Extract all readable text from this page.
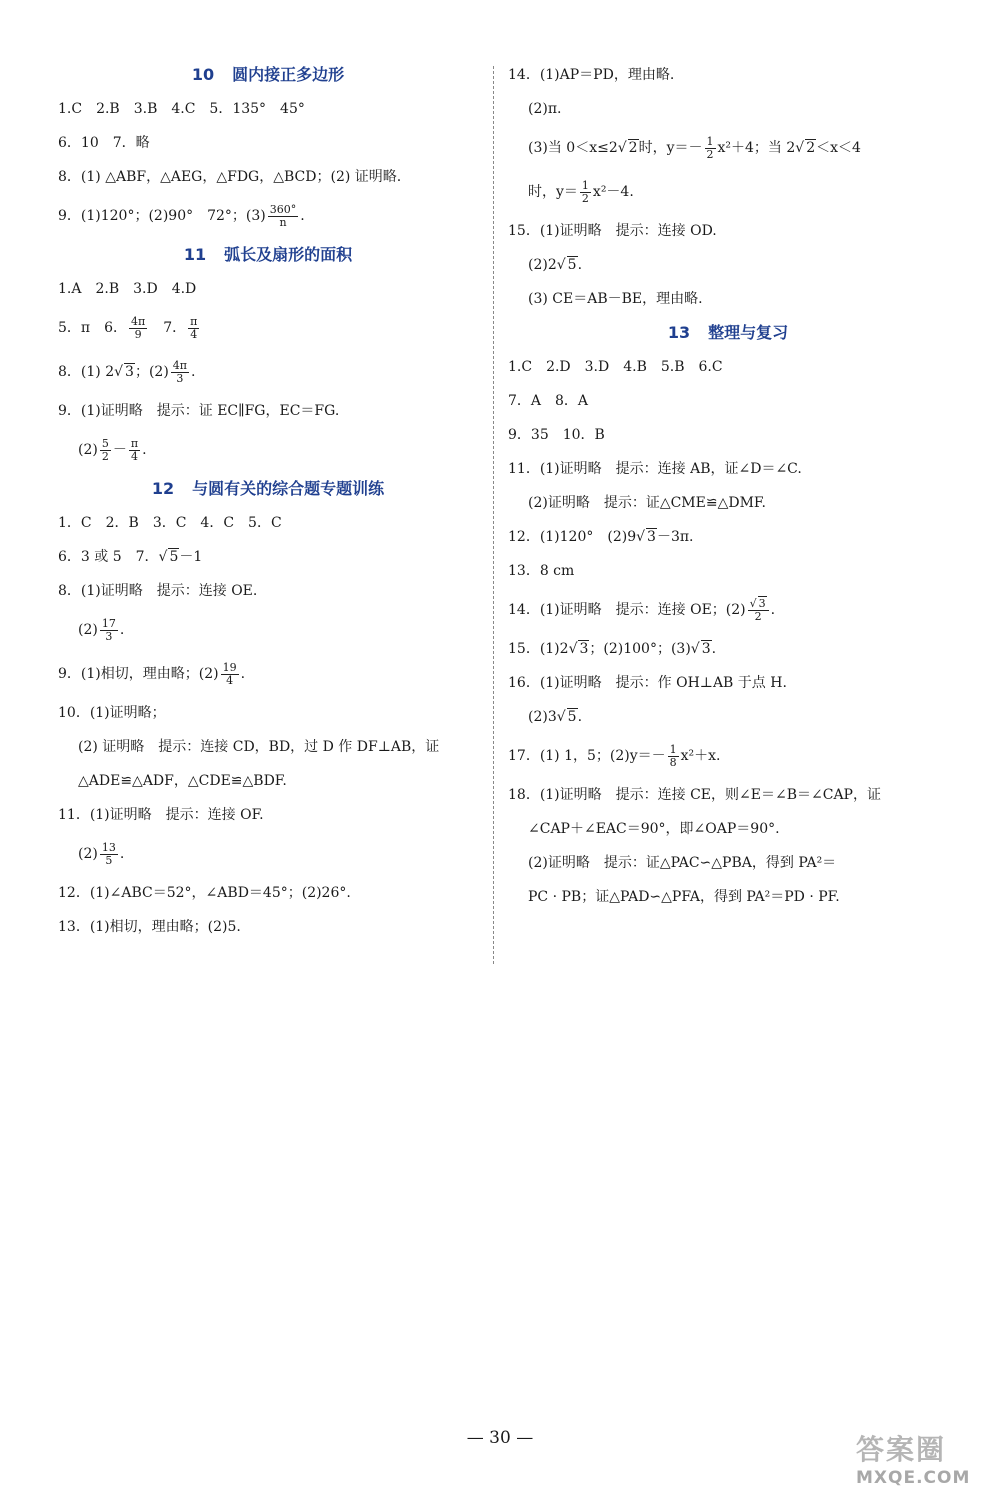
10 圆内接正多边形
1.C　2.B　3.B　4.C　5．135°　45°
6．10　7．略
8．(1) △ABF，△AEG，△FDG，△BCD；(2) 证明略.
9．(1)120°；(2)90°　72°；$(3) \frac{360^\circ}{n}$ .
11 弧长及扇形的面积
1.A　2.B　3.D　4.D
5．π　6． $\frac{4\pi}{9}$ 　7． $\frac{\pi}{4}$
8．(1) 2√ 3；$(2) \frac{4\pi}{3}$ .
9．(1)证明略　提示：证 EC∥FG，EC＝FG.
$(2) \frac{5}{2} - \frac{\pi}{4}$ .
12 与圆有关的综合题专题训练
1．C　2．B　3．C　4．C　5．C
6．3 或 5　7．√ 5－1
8．(1)证明略　提示：连接 OE.
$(2) \frac{17}{3}$ .
9．(1)相切，理由略；$(2) \frac{19}{4}$ .
10．(1)证明略；
(2) 证明略　提示：连接 CD，BD，过 D 作 DF⊥AB，证
△ADE≌△ADF，△CDE≌△BDF.
11．(1)证明略　提示：连接 OF.
$(2) \frac{13}{5}$ .
12．(1)∠ABC＝52°，∠ABD＝45°；(2)26°.
13．(1)相切，理由略；(2)5.
14．(1)AP＝PD，理由略.
(2)π.
(3)当 0＜x≤2√ 2时，$y=- \frac{1}{2} x^2+4$；当 2√ 2＜x＜4
时，$y= \frac{1}{2} x^2-4$.
15．(1)证明略　提示：连接 OD.
(2)2√ 5.
(3) CE＝AB－BE，理由略.
13 整理与复习
1.C　2.D　3.D　4.B　5.B　6.C
7．A　8．A
9．35　10．B
11．(1)证明略　提示：连接 AB，证∠D＝∠C.
(2)证明略　提示：证△CME≌△DMF.
12．(1)120°　(2)9√ 3－3π.
13．8 cm
14．(1)证明略　提示：连接 OE；$(2) \frac{√ 3}{2}$ .
15．(1)2√ 3；(2)100°；(3)√ 3.
16．(1)证明略　提示：作 OH⊥AB 于点 H.
(2)3√ 5.
17．(1) 1，5；$(2)y=- \frac{1}{8} x^2+x$.
18．(1)证明略　提示：连接 CE，则∠E＝∠B＝∠CAP，证
∠CAP＋∠EAC＝90°，即∠OAP＝90°.
(2)证明略　提示：证△PAC∽△PBA，得到 PA²＝
PC · PB；证△PAD∽△PFA，得到 PA²＝PD · PF.
— 30 —	答案圈
MXQE.COM
